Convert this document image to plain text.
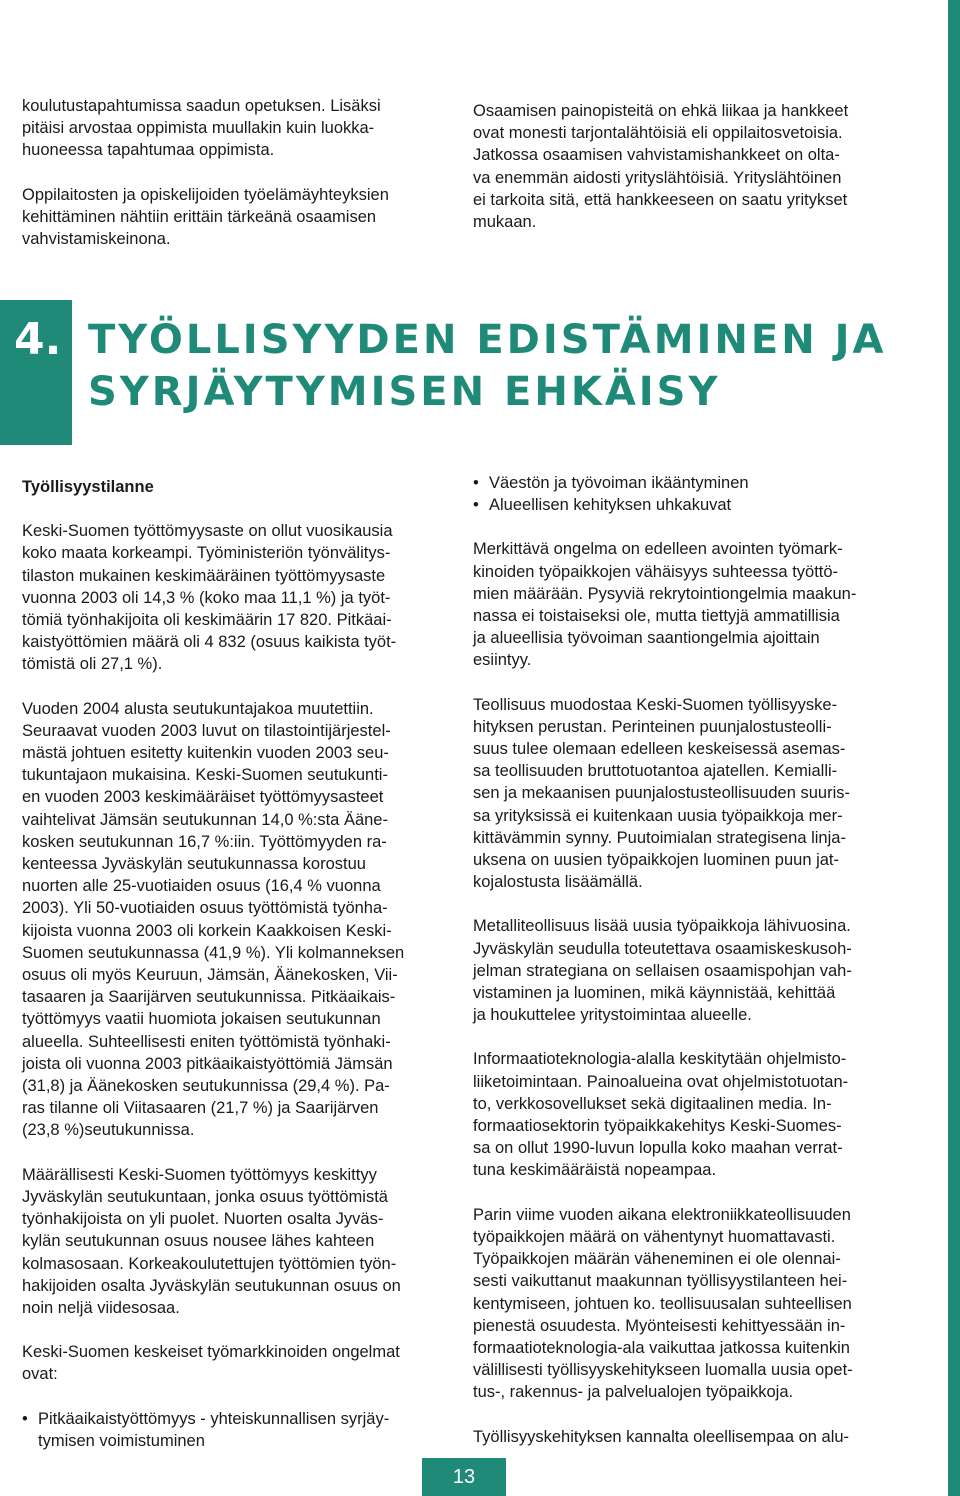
koulutustapahtumissa saadun opetuksen. Lisäksi
pitäisi arvostaa oppimista muullakin kuin luokka-
huoneessa tapahtumaa oppimista.

Oppilaitosten ja opiskelijoiden työelämäyhteyksien
kehittäminen nähtiin erittäin tärkeänä osaamisen
vahvistamiskeinona.

Osaamisen painopisteitä on ehkä liikaa ja hankkeet
ovat monesti tarjontalähtöisiä eli oppilaitosvetoisia.
Jatkossa osaamisen vahvistamishankkeet on olta-
va enemmän aidosti yrityslähtöisiä. Yrityslähtöinen
ei tarkoita sitä, että hankkeeseen on saatu yritykset
mukaan.

4. TYÖLLISYYDEN EDISTÄMINEN JA
SYRJÄYTYMISEN EHKÄISY

Työllisyystilanne

Keski-Suomen työttömyysaste on ollut vuosikausia
koko maata korkeampi. Työministeriön työnvälitys-
tilaston mukainen keskimääräinen työttömyysaste
vuonna 2003 oli 14,3 % (koko maa 11,1 %) ja työt-
tömiä työnhakijoita oli keskimäärin 17 820. Pitkäai-
kaistyöttömien määrä oli 4 832 (osuus kaikista työt-
tömistä oli 27,1 %).

Vuoden 2004 alusta seutukuntajakoa muutettiin.
Seuraavat vuoden 2003 luvut on tilastointijärjestel-
mästä johtuen esitetty kuitenkin vuoden 2003 seu-
tukuntajaon mukaisina. Keski-Suomen seutukunti-
en vuoden 2003 keskimääräiset työttömyysasteet
vaihtelivat Jämsän seutukunnan 14,0 %:sta Ääne-
kosken seutukunnan 16,7 %:iin. Työttömyyden ra-
kenteessa Jyväskylän seutukunnassa korostuu
nuorten alle 25-vuotiaiden osuus (16,4 % vuonna
2003). Yli 50-vuotiaiden osuus työttömistä työnha-
kijoista vuonna 2003 oli korkein Kaakkoisen Keski-
Suomen seutukunnassa (41,9 %). Yli kolmanneksen
osuus oli myös Keuruun, Jämsän, Äänekosken, Vii-
tasaaren ja Saarijärven seutukunnissa. Pitkäaikais-
työttömyys vaatii huomiota jokaisen seutukunnan
alueella. Suhteellisesti eniten työttömistä työnhaki-
joista oli vuonna 2003 pitkäaikaistyöttömiä Jämsän
(31,8) ja Äänekosken seutukunnissa (29,4 %). Pa-
ras tilanne oli Viitasaaren (21,7 %) ja Saarijärven
(23,8 %)seutukunnissa.

Määrällisesti Keski-Suomen työttömyys keskittyy
Jyväskylän seutukuntaan, jonka osuus työttömistä
työnhakijoista on yli puolet. Nuorten osalta Jyväs-
kylän seutukunnan osuus nousee lähes kahteen
kolmasosaan. Korkeakoulutettujen työttömien työn-
hakijoiden osalta Jyväskylän seutukunnan osuus on
noin neljä viidesosaa.

Keski-Suomen keskeiset työmarkkinoiden ongelmat
ovat:

• Pitkäaikaistyöttömyys - yhteiskunnallisen syrjäy-
tymisen voimistuminen
• Väestön ja työvoiman ikääntyminen
• Alueellisen kehityksen uhkakuvat

Merkittävä ongelma on edelleen avointen työmark-
kinoiden työpaikkojen vähäisyys suhteessa työttö-
mien määrään. Pysyviä rekrytointiongelmia maakun-
nassa ei toistaiseksi ole, mutta tiettyjä ammatillisia
ja alueellisia työvoiman saantiongelmia ajoittain
esiintyy.

Teollisuus muodostaa Keski-Suomen työllisyyske-
hityksen perustan. Perinteinen puunjalostusteolli-
suus tulee olemaan edelleen keskeisessä asemas-
sa teollisuuden bruttotuotantoa ajatellen. Kemialli-
sen ja mekaanisen puunjalostusteollisuuden suuris-
sa yrityksissä ei kuitenkaan uusia työpaikkoja mer-
kittävämmin synny. Puutoimialan strategisena linja-
uksena on uusien työpaikkojen luominen puun jat-
kojalostusta lisäämällä.

Metalliteollisuus lisää uusia työpaikkoja lähivuosina.
Jyväskylän seudulla toteutettava osaamiskeskusoh-
jelman strategiana on sellaisen osaamispohjan vah-
vistaminen ja luominen, mikä käynnistää, kehittää
ja houkuttelee yritystoimintaa alueelle.

Informaatioteknologia-alalla keskitytään ohjelmisto-
liiketoimintaan. Painoalueina ovat ohjelmistotuotan-
to, verkkosovellukset sekä digitaalinen media. In-
formaatiosektorin työpaikkakehitys Keski-Suomes-
sa on ollut 1990-luvun lopulla koko maahan verrat-
tuna keskimääräistä nopeampaa.

Parin viime vuoden aikana elektroniikkateollisuuden
työpaikkojen määrä on vähentynyt huomattavasti.
Työpaikkojen määrän väheneminen ei ole olennai-
sesti vaikuttanut maakunnan työllisyystilanteen hei-
kentymiseen, johtuen ko. teollisuusalan suhteellisen
pienestä osuudesta. Myönteisesti kehittyessään in-
formaatioteknologia-ala vaikuttaa jatkossa kuitenkin
välillisesti työllisyyskehitykseen luomalla uusia opet-
tus-, rakennus- ja palvelualojen työpaikkoja.

Työllisyyskehityksen kannalta oleellisempaa on alu-

13
